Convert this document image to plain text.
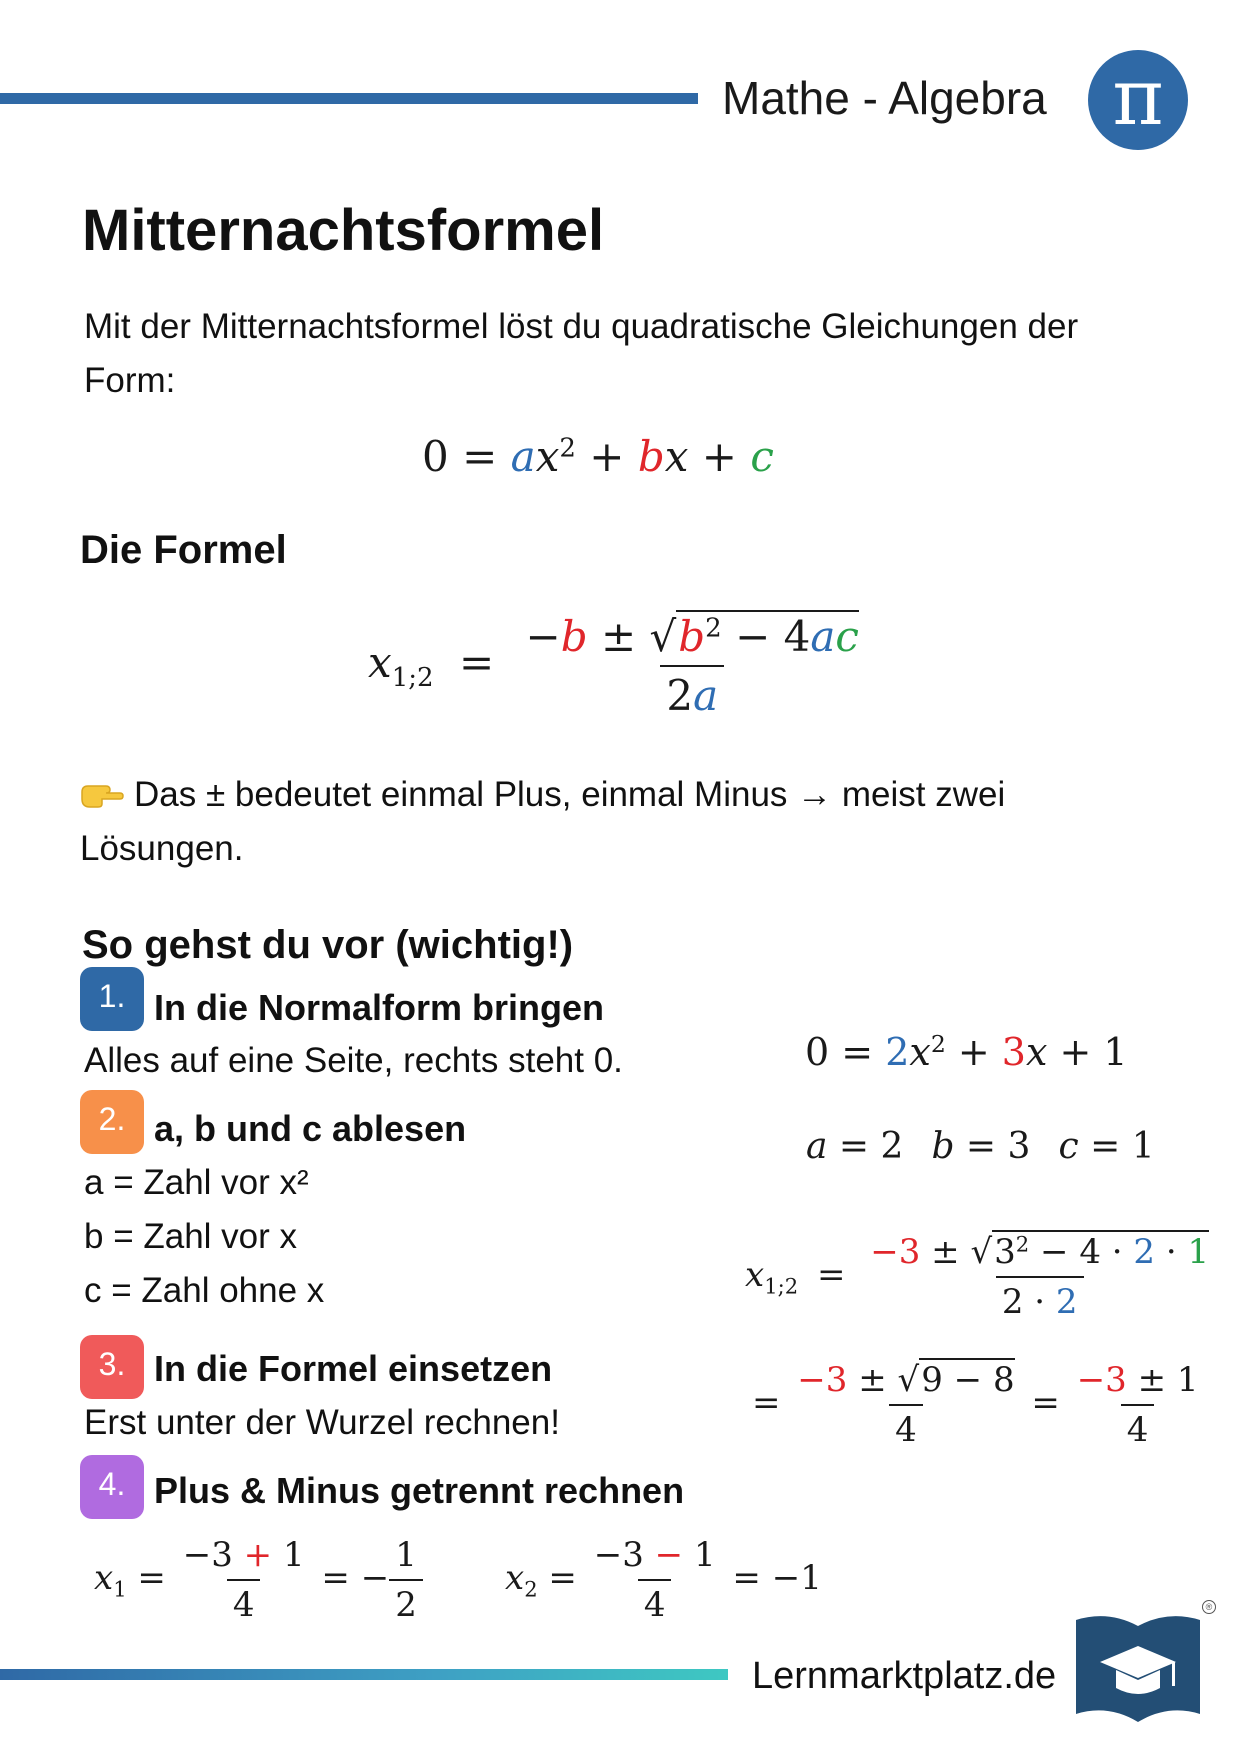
Mathe - Algebra π
Mitternachtsformel
Mit der Mitternachtsformel löst du quadratische Gleichungen der Form:
$0 = ax^2$ + bx + c
Die Formel
$x_{1;2} = \frac{-b \pm √b^2 - 4ac}{2a}$
Das ± bedeutet einmal Plus, einmal Minus → meist zwei Lösungen.
So gehst du vor (wichtig!)
1. In die Normalform bringen
Alles auf eine Seite, rechts steht 0.	$0 = 2x^2 + 3x + 1$
2. a, b und c ablesen
a = Zahl vor x²
b = Zahl vor x
c = Zahl ohne x
a = 2 b = 3 c = 1
$x_{1;2} = \frac{-3 \pm √3^2 - 4 \cdot 2 \cdot 1}{2 \cdot 2}$
3. In die Formel einsetzen
Erst unter der Wurzel rechnen!	= $\frac{-3 \pm √9 - 8}{4} = \frac{-3 \pm 1}{4}$
4. Plus & Minus getrennt rechnen
$x_1 = \frac{-3 + 1}{4}$ = − $\frac{1}{2} x_2 = \frac{-3 - 1}{4} = -1$
Lernmarktplatz.de
®
